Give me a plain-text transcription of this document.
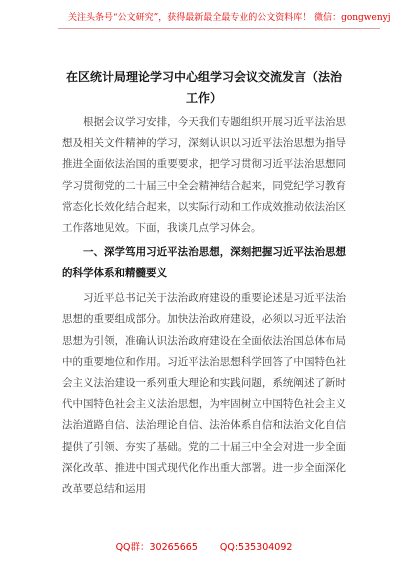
关注头条号“公文研究”，获得最新最全最专业的公文资料库！ 微信：gongwenyj
在区统计局理论学习中心组学习会议交流发言（法治工作）

根据会议学习安排，今天我们专题组织开展习近平法治思想及相关文件精神的学习，深刻认识以习近平法治思想为指导推进全面依法治国的重要要求，把学习贯彻习近平法治思想同学习贯彻党的二十届三中全会精神结合起来，同党纪学习教育常态化长效化结合起来，以实际行动和工作成效推动依法治区工作落地见效。下面，我谈几点学习体会。

一、深学笃用习近平法治思想，深刻把握习近平法治思想的科学体系和精髓要义

习近平总书记关于法治政府建设的重要论述是习近平法治思想的重要组成部分。加快法治政府建设，必须以习近平法治思想为引领，准确认识法治政府建设在全面依法治国总体布局中的重要地位和作用。习近平法治思想科学回答了中国特色社会主义法治建设一系列重大理论和实践问题，系统阐述了新时代中国特色社会主义法治思想，为牢固树立中国特色社会主义法治道路自信、法治理论自信、法治体系自信和法治文化自信提供了引领、夯实了基础。党的二十届三中全会对进一步全面深化改革、推进中国式现代化作出重大部署。进一步全面深化改革要总结和运用

QQ群：30265665 QQ:535304092
